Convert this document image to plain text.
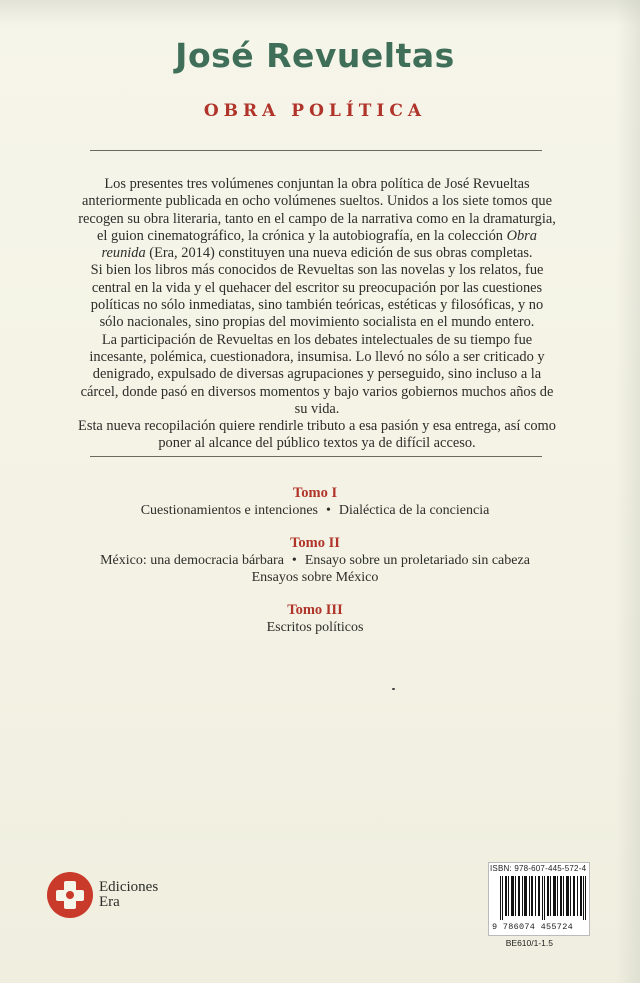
José Revueltas
OBRA POLÍTICA

Los presentes tres volúmenes conjuntan la obra política de José Revueltas anteriormente publicada en ocho volúmenes sueltos. Unidos a los siete tomos que recogen su obra literaria, tanto en el campo de la narrativa como en la dramaturgia, el guion cinematográfico, la crónica y la autobiografía, en la colección Obra reunida (Era, 2014) constituyen una nueva edición de sus obras completas.

Si bien los libros más conocidos de Revueltas son las novelas y los relatos, fue central en la vida y el quehacer del escritor su preocupación por las cuestiones políticas no sólo inmediatas, sino también teóricas, estéticas y filosóficas, y no sólo nacionales, sino propias del movimiento socialista en el mundo entero.

La participación de Revueltas en los debates intelectuales de su tiempo fue incesante, polémica, cuestionadora, insumisa. Lo llevó no sólo a ser criticado y denigrado, expulsado de diversas agrupaciones y perseguido, sino incluso a la cárcel, donde pasó en diversos momentos y bajo varios gobiernos muchos años de su vida.

Esta nueva recopilación quiere rendirle tributo a esa pasión y esa entrega, así como poner al alcance del público textos ya de difícil acceso.

Tomo I

Cuestionamientos e intenciones • Dialéctica de la conciencia

Tomo II

México: una democracia bárbara • Ensayo sobre un proletariado sin cabeza

Ensayos sobre México

Tomo III

Escritos políticos

Ediciones
Era
ISBN: 978-607-445-572-4
9 786074 455724
BE610/1-1.5
